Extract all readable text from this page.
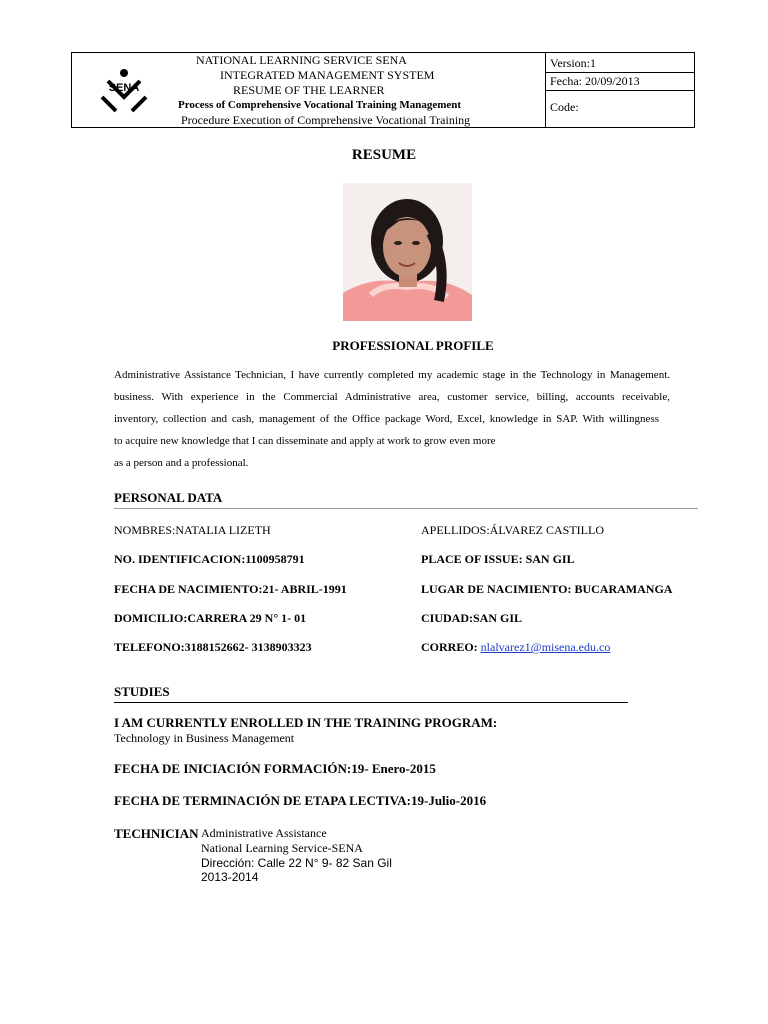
SENA
NATIONAL LEARNING SERVICE SENA
INTEGRATED MANAGEMENT SYSTEM
RESUME OF THE LEARNER
Process of Comprehensive Vocational Training Management
Procedure Execution of Comprehensive Vocational Training
Version:1
Fecha: 20/09/2013
Code:
RESUME
PROFESSIONAL PROFILE
Administrative Assistance Technician, I have currently completed my academic stage in the Technology in Management.
business. With experience in the Commercial Administrative area, customer service, billing, accounts receivable,
inventory, collection and cash, management of the Office package Word, Excel, knowledge in SAP. With willingness
to acquire new knowledge that I can disseminate and apply at work to grow even more
as a person and a professional.
PERSONAL DATA
NOMBRES:NATALIA LIZETH	APELLIDOS:ÁLVAREZ CASTILLO
NO. IDENTIFICACION:1100958791	PLACE OF ISSUE: SAN GIL
FECHA DE NACIMIENTO:21- ABRIL-1991	LUGAR DE NACIMIENTO: BUCARAMANGA
DOMICILIO:CARRERA 29 N° 1- 01	CIUDAD:SAN GIL
TELEFONO:3188152662- 3138903323	CORREO: nlalvarez1@misena.edu.co
STUDIES
I AM CURRENTLY ENROLLED IN THE TRAINING PROGRAM:
Technology in Business Management
FECHA DE INICIACIÓN FORMACIÓN:19- Enero-2015
FECHA DE TERMINACIÓN DE ETAPA LECTIVA:19-Julio-2016
TECHNICIAN Administrative Assistance
National Learning Service-SENA
Dirección: Calle 22 N° 9- 82 San Gil
2013-2014
